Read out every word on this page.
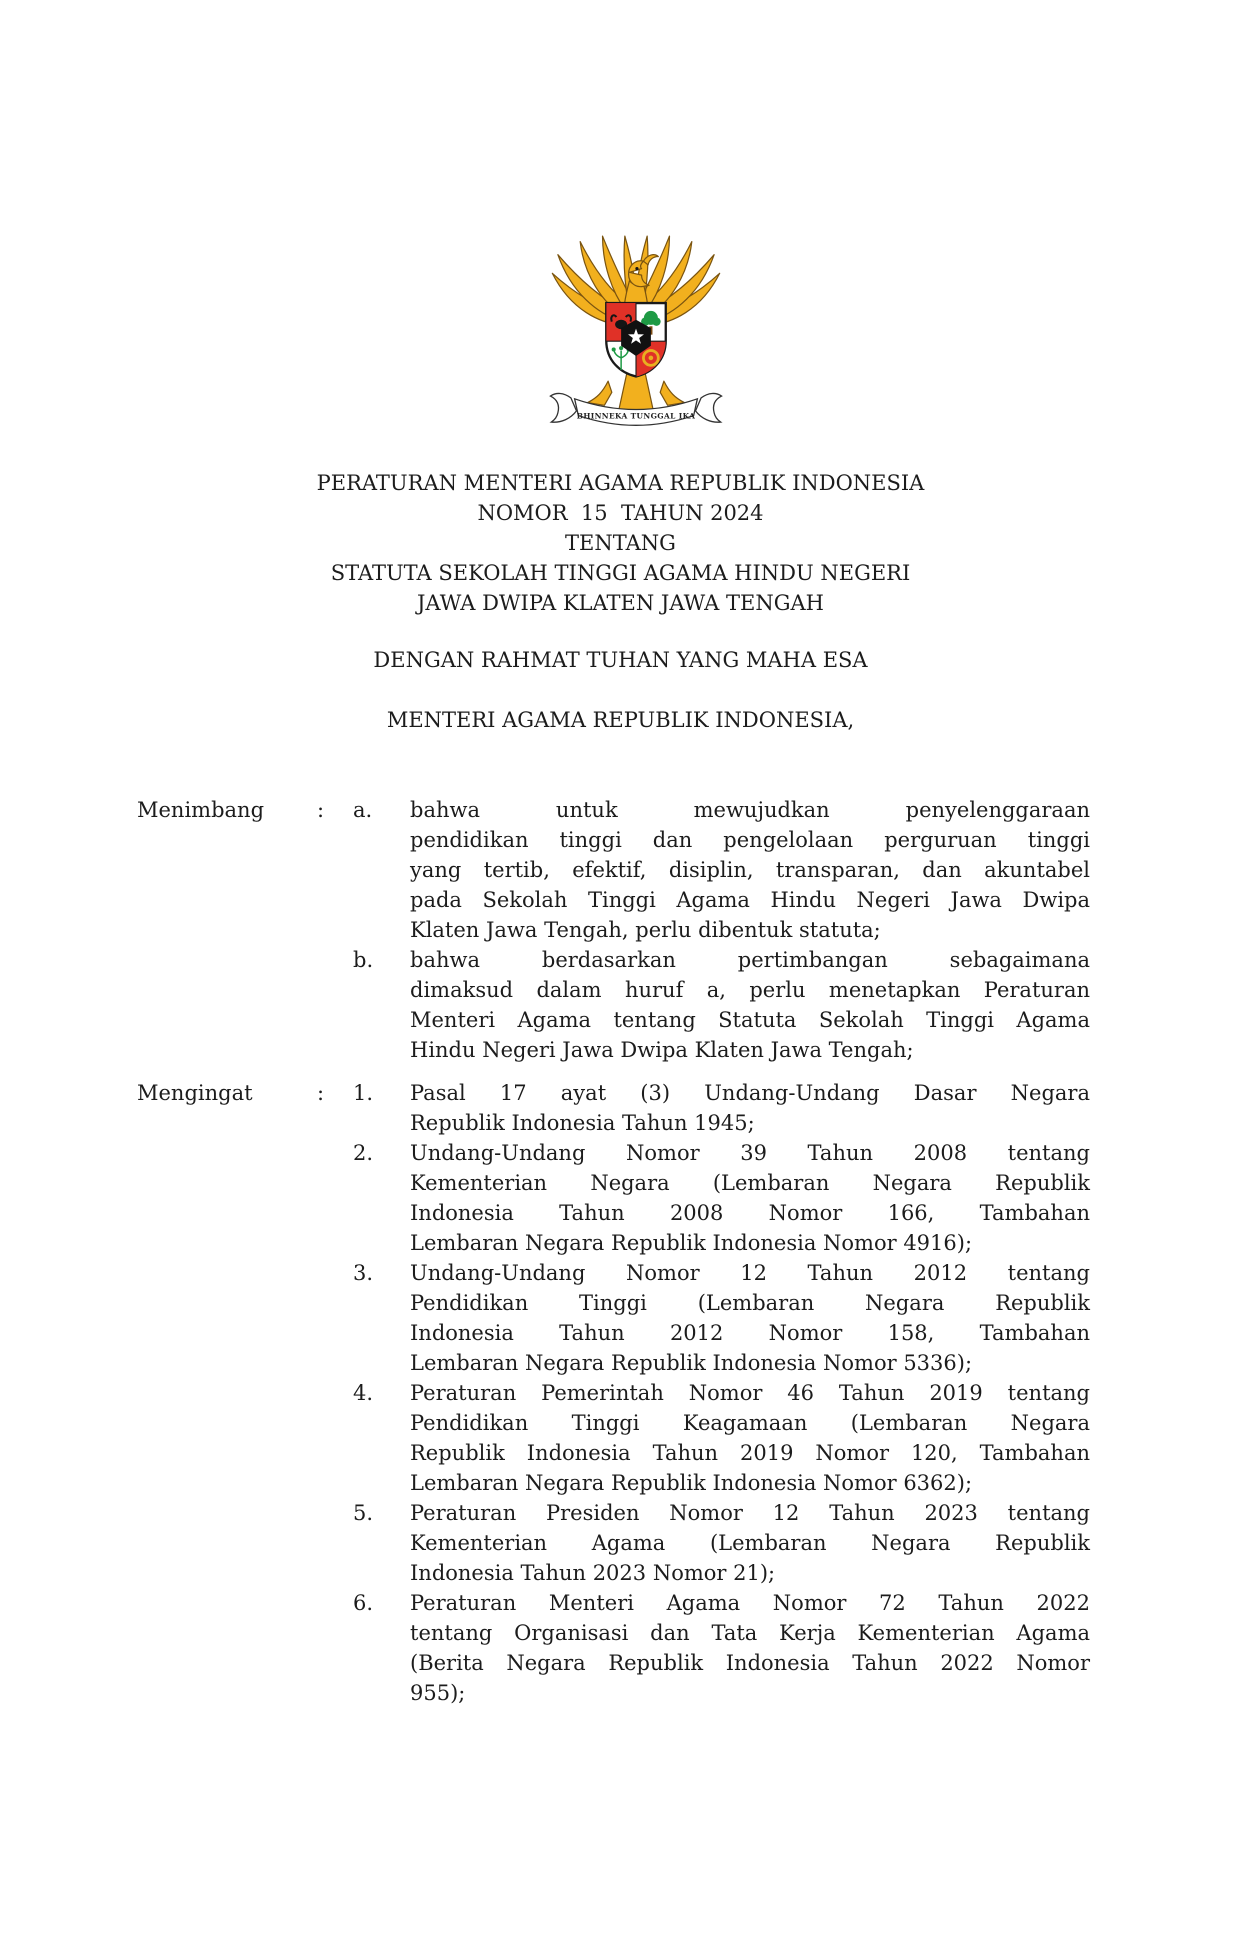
BHINNEKA TUNGGAL IKA
PERATURAN MENTERI AGAMA REPUBLIK INDONESIA
NOMOR  15  TAHUN 2024
TENTANG
STATUTA SEKOLAH TINGGI AGAMA HINDU NEGERI
JAWA DWIPA KLATEN JAWA TENGAH
DENGAN RAHMAT TUHAN YANG MAHA ESA
MENTERI AGAMA REPUBLIK INDONESIA,
Menimbang	:	a.	bahwa untuk mewujudkan penyelenggaraan
pendidikan tinggi dan pengelolaan perguruan tinggi
yang tertib, efektif, disiplin, transparan, dan akuntabel
pada Sekolah Tinggi Agama Hindu Negeri Jawa Dwipa
Klaten Jawa Tengah, perlu dibentuk statuta;
b.	bahwa berdasarkan pertimbangan sebagaimana
dimaksud dalam huruf a, perlu menetapkan Peraturan
Menteri Agama tentang Statuta Sekolah Tinggi Agama
Hindu Negeri Jawa Dwipa Klaten Jawa Tengah;
Mengingat	:	1.	Pasal 17 ayat (3) Undang-Undang Dasar Negara
Republik Indonesia Tahun 1945;
2.	Undang-Undang Nomor 39 Tahun 2008 tentang
Kementerian Negara (Lembaran Negara Republik
Indonesia Tahun 2008 Nomor 166, Tambahan
Lembaran Negara Republik Indonesia Nomor 4916);
3.	Undang-Undang Nomor 12 Tahun 2012 tentang
Pendidikan Tinggi (Lembaran Negara Republik
Indonesia Tahun 2012 Nomor 158, Tambahan
Lembaran Negara Republik Indonesia Nomor 5336);
4.	Peraturan Pemerintah Nomor 46 Tahun 2019 tentang
Pendidikan Tinggi Keagamaan (Lembaran Negara
Republik Indonesia Tahun 2019 Nomor 120, Tambahan
Lembaran Negara Republik Indonesia Nomor 6362);
5.	Peraturan Presiden Nomor 12 Tahun 2023 tentang
Kementerian Agama (Lembaran Negara Republik
Indonesia Tahun 2023 Nomor 21);
6.	Peraturan Menteri Agama Nomor 72 Tahun 2022
tentang Organisasi dan Tata Kerja Kementerian Agama
(Berita Negara Republik Indonesia Tahun 2022 Nomor
955);
